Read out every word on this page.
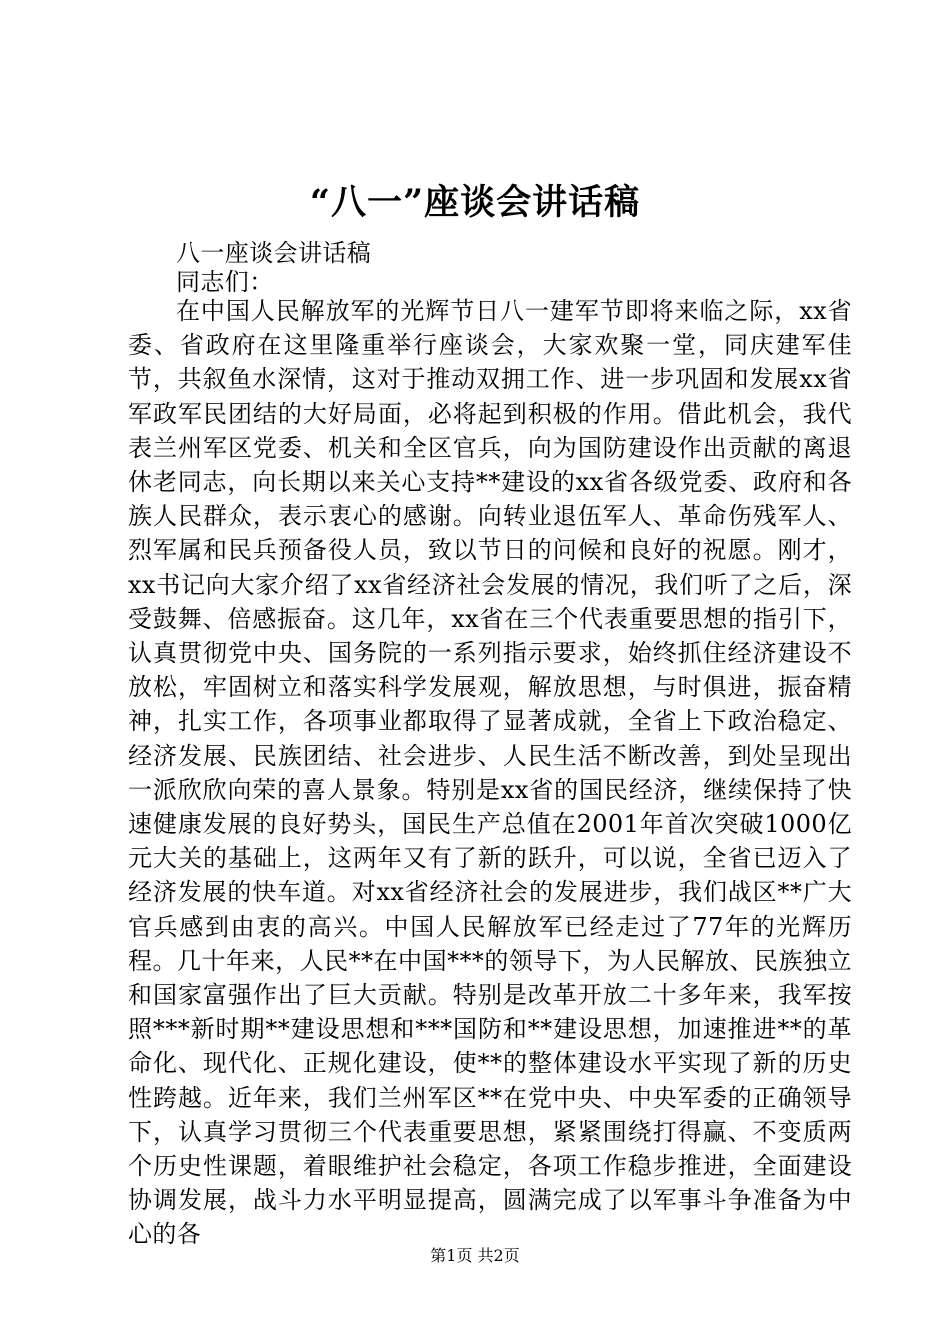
“八一”座谈会讲话稿
八一座谈会讲话稿
同志们：
在中国人民解放军的光辉节日八一建军节即将来临之际，xx省委、省政府在这里隆重举行座谈会，大家欢聚一堂，同庆建军佳节，共叙鱼水深情，这对于推动双拥工作、进一步巩固和发展xx省军政军民团结的大好局面，必将起到积极的作用。借此机会，我代表兰州军区党委、机关和全区官兵，向为国防建设作出贡献的离退休老同志，向长期以来关心支持**建设的xx省各级党委、政府和各族人民群众，表示衷心的感谢。向转业退伍军人、革命伤残军人、烈军属和民兵预备役人员，致以节日的问候和良好的祝愿。刚才，xx书记向大家介绍了xx省经济社会发展的情况，我们听了之后，深受鼓舞、倍感振奋。这几年，xx省在三个代表重要思想的指引下，认真贯彻党中央、国务院的一系列指示要求，始终抓住经济建设不放松，牢固树立和落实科学发展观，解放思想，与时俱进，振奋精神，扎实工作，各项事业都取得了显著成就，全省上下政治稳定、经济发展、民族团结、社会进步、人民生活不断改善，到处呈现出一派欣欣向荣的喜人景象。特别是xx省的国民经济，继续保持了快速健康发展的良好势头，国民生产总值在2001年首次突破1000亿元大关的基础上，这两年又有了新的跃升，可以说，全省已迈入了经济发展的快车道。对xx省经济社会的发展进步，我们战区**广大官兵感到由衷的高兴。中国人民解放军已经走过了77年的光辉历程。几十年来，人民**在中国***的领导下，为人民解放、民族独立和国家富强作出了巨大贡献。特别是改革开放二十多年来，我军按照***新时期**建设思想和***国防和**建设思想，加速推进**的革命化、现代化、正规化建设，使**的整体建设水平实现了新的历史性跨越。近年来，我们兰州军区**在党中央、中央军委的正确领导下，认真学习贯彻三个代表重要思想，紧紧围绕打得赢、不变质两个历史性课题，着眼维护社会稳定，各项工作稳步推进，全面建设协调发展，战斗力水平明显提高，圆满完成了以军事斗争准备为中心的各
第1页 共2页
